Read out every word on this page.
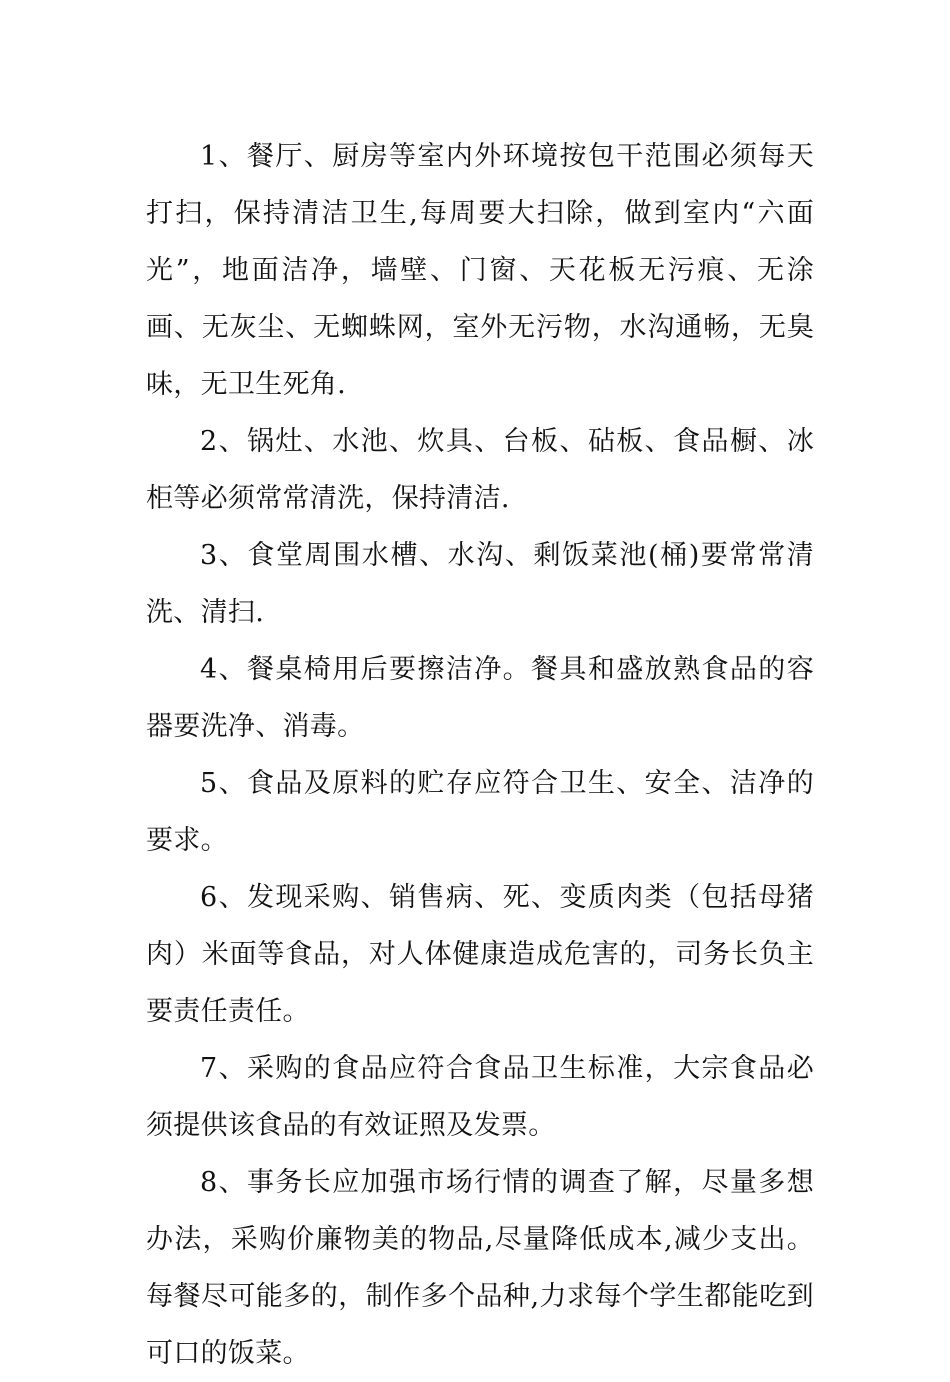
1、餐厅、厨房等室内外环境按包干范围必须每天打扫，保持清洁卫生,每周要大扫除，做到室内“六面光”，地面洁净，墙壁、门窗、天花板无污痕、无涂画、无灰尘、无蜘蛛网，室外无污物，水沟通畅，无臭味，无卫生死角.

2、锅灶、水池、炊具、台板、砧板、食品橱、冰柜等必须常常清洗，保持清洁.

3、食堂周围水槽、水沟、剩饭菜池(桶)要常常清洗、清扫.

4、餐桌椅用后要擦洁净。餐具和盛放熟食品的容器要洗净、消毒。

5、食品及原料的贮存应符合卫生、安全、洁净的要求。

6、发现采购、销售病、死、变质肉类（包括母猪肉）米面等食品，对人体健康造成危害的，司务长负主要责任责任。

7、采购的食品应符合食品卫生标准，大宗食品必须提供该食品的有效证照及发票。

8、事务长应加强市场行情的调查了解，尽量多想办法，采购价廉物美的物品,尽量降低成本,减少支出。每餐尽可能多的，制作多个品种,力求每个学生都能吃到可口的饭菜。
